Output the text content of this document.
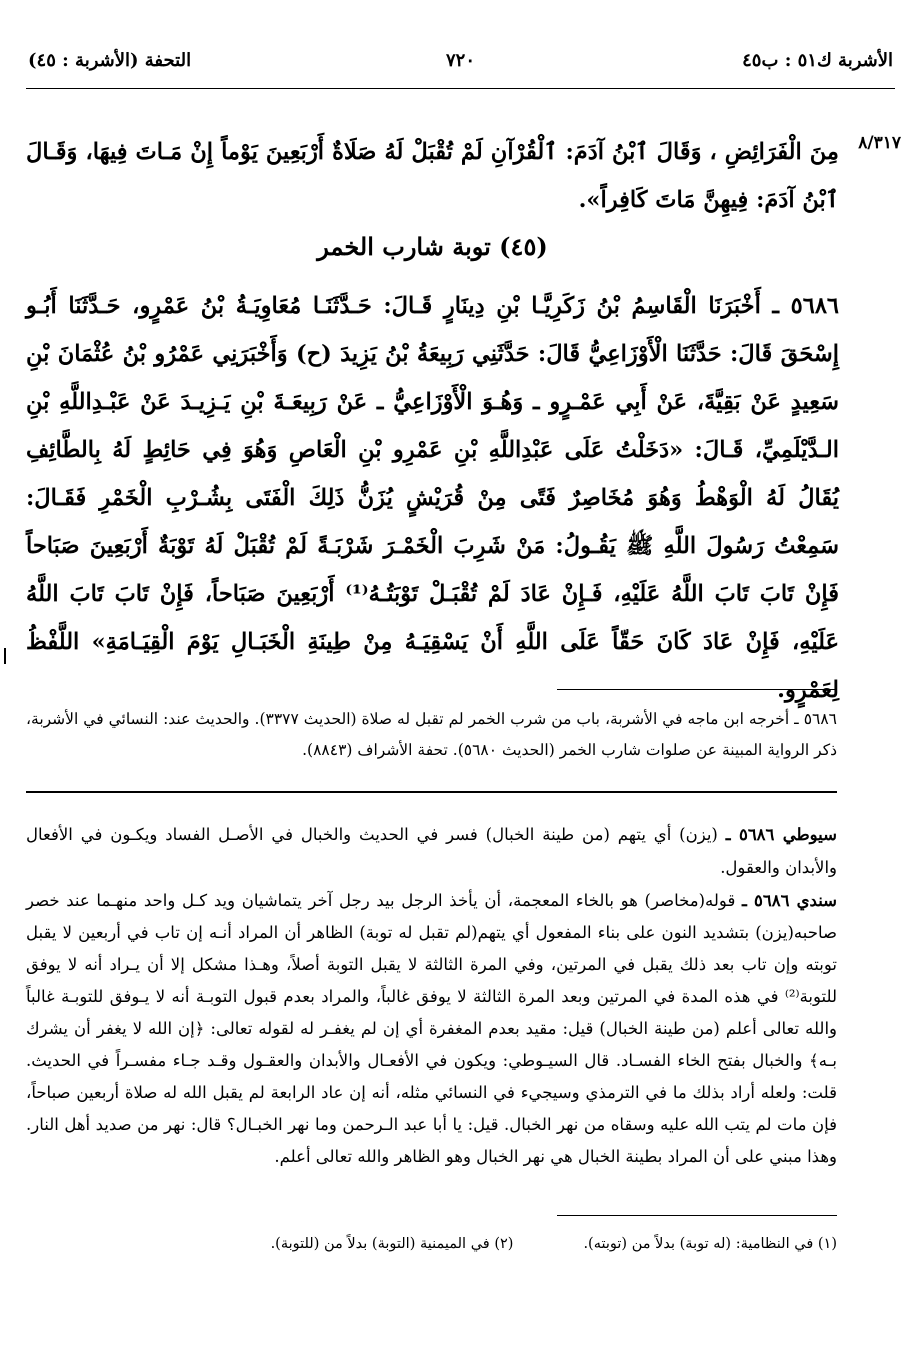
الأشربة ك٥١ : ب٤٥
٧٢٠
التحفة (الأشربة : ٤٥)
٨/٣١٧
مِنَ الْفَرَائِضِ ، وَقَالَ ٱبْنُ آدَمَ: ٱلْقُرْآنِ لَمْ تُقْبَلْ لَهُ صَلَاةٌ أَرْبَعِينَ يَوْماً إِنْ مَـاتَ فِيهَا، وَقَـالَ ٱبْنُ آدَمَ: فِيهِنَّ مَاتَ كَافِراً».
(٤٥) توبة شارب الخمر
٥٦٨٦ ـ أَخْبَرَنَا الْقَاسِمُ بْنُ زَكَرِيَّـا بْنِ دِينَارٍ قَـالَ: حَـدَّثَنَـا مُعَاوِيَـةُ بْنُ عَمْرٍو، حَـدَّثَنَا أَبُـو إِسْحَقَ قَالَ: حَدَّثَنَا الْأَوْزَاعِيُّ قَالَ: حَدَّثَنِي رَبِيعَةُ بْنُ يَزِيدَ (ح) وَأَخْبَرَنِي عَمْرُو بْنُ عُثْمَانَ بْنِ سَعِيدٍ عَنْ بَقِيَّةَ، عَنْ أَبِي عَمْـرٍو ـ وَهُـوَ الْأَوْزَاعِيُّ ـ عَنْ رَبِيعَـةَ بْنِ يَـزِيـدَ عَنْ عَبْـدِاللَّهِ بْنِ الـدَّيْلَمِيِّ، قَـالَ: «دَخَلْتُ عَلَى عَبْدِاللَّهِ بْنِ عَمْرِو بْنِ الْعَاصِ وَهُوَ فِي حَائِطٍ لَهُ بِالطَّائِفِ يُقَالُ لَهُ الْوَهْطُ وَهُوَ مُخَاصِرٌ فَتًى مِنْ قُرَيْشٍ يُزَنُّ ذَلِكَ الْفَتَى بِشُـرْبِ الْخَمْرِ فَقَـالَ: سَمِعْتُ رَسُولَ اللَّهِ ﷺ يَقُـولُ: مَنْ شَرِبَ الْخَمْـرَ شَرْبَـةً لَمْ تُقْبَلْ لَهُ تَوْبَةٌ أَرْبَعِينَ صَبَاحاً فَإِنْ تَابَ تَابَ اللَّهُ عَلَيْهِ، فَـإِنْ عَادَ لَمْ تُقْبَـلْ تَوْبَتُـهُ⁽¹⁾ أَرْبَعِينَ صَبَاحاً، فَإِنْ تَابَ تَابَ اللَّهُ عَلَيْهِ، فَإِنْ عَادَ كَانَ حَقّاً عَلَى اللَّهِ أَنْ يَسْقِيَـهُ مِنْ طِينَةِ الْخَبَـالِ يَوْمَ الْقِيَـامَةِ» اللَّفْظُ لِعَمْرٍو.
٥٦٨٦ ـ أخرجه ابن ماجه في الأشربة، باب من شرب الخمر لم تقبل له صلاة (الحديث ٣٣٧٧). والحديث عند: النسائي في الأشربة، ذكر الرواية المبينة عن صلوات شارب الخمر (الحديث ٥٦٨٠). تحفة الأشراف (٨٨٤٣).
سيوطي ٥٦٨٦ ـ (يزن) أي يتهم (من طينة الخبال) فسر في الحديث والخبال في الأصـل الفساد ويكـون في الأفعال والأبدان والعقول.
سندي ٥٦٨٦ ـ قوله(مخاصر) هو بالخاء المعجمة، أن يأخذ الرجل بيد رجل آخر يتماشيان ويد كـل واحد منهـما عند خصر صاحبه(يزن) بتشديد النون على بناء المفعول أي يتهم(لم تقبل له توبة) الظاهر أن المراد أنـه إن تاب في أربعين لا يقبل توبته وإن تاب بعد ذلك يقبل في المرتين، وفي المرة الثالثة لا يقبل التوبة أصلاً، وهـذا مشكل إلا أن يـراد أنه لا يوفق للتوبة⁽²⁾ في هذه المدة في المرتين وبعد المرة الثالثة لا يوفق غالباً، والمراد بعدم قبول التوبـة أنه لا يـوفق للتوبـة غالباً والله تعالى أعلم (من طينة الخبال) قيل: مقيد بعدم المغفرة أي إن لم يغفـر له لقوله تعالى: ﴿إن الله لا يغفر أن يشرك بـه﴾ والخبال بفتح الخاء الفسـاد. قال السيـوطي: ويكون في الأفعـال والأبدان والعقـول وقـد جـاء مفسـراً في الحديث. قلت: ولعله أراد بذلك ما في الترمذي وسيجيء في النسائي مثله، أنه إن عاد الرابعة لم يقبل الله له صلاة أربعين صباحاً، فإن مات لم يتب الله عليه وسقاه من نهر الخبال. قيل: يا أبا عبد الـرحمن وما نهر الخبـال؟ قال: نهر من صديد أهل النار. وهذا مبني على أن المراد بطينة الخبال هي نهر الخبال وهو الظاهر والله تعالى أعلم.
(١) في النظامية: (له توبة) بدلاً من (توبته).
(٢) في الميمنية (التوبة) بدلاً من (للتوبة).
